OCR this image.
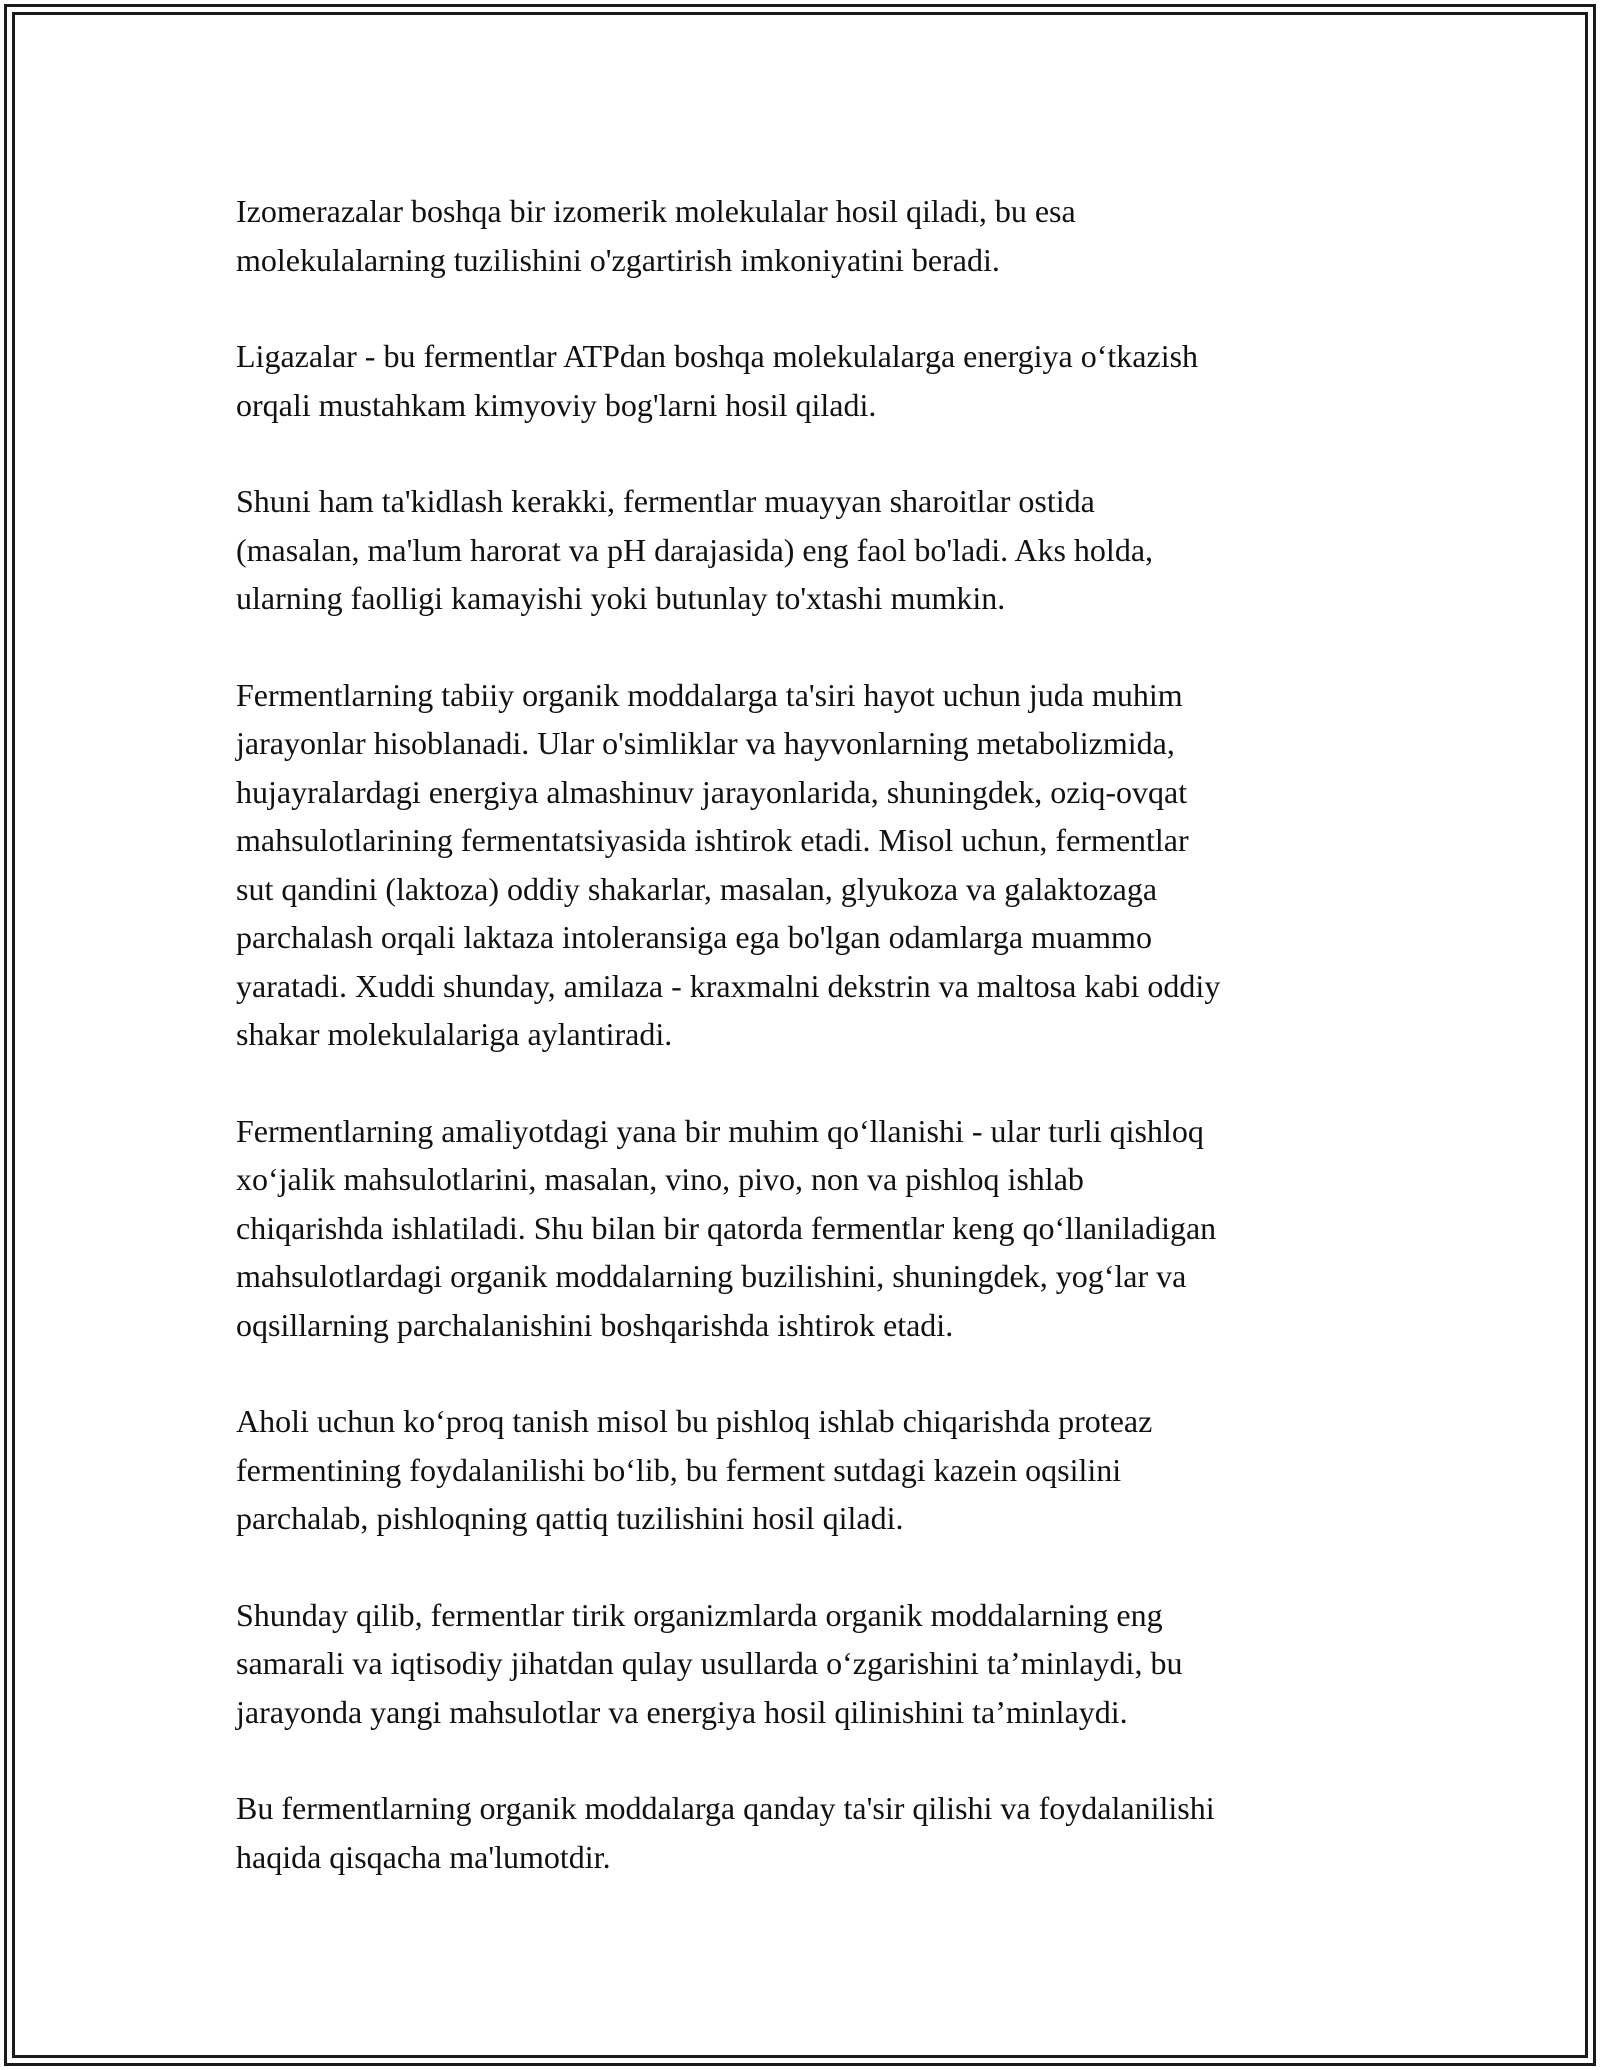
Izomerazalar boshqa bir izomerik molekulalar hosil qiladi, bu esa
molekulalarning tuzilishini o'zgartirish imkoniyatini beradi.

Ligazalar - bu fermentlar ATPdan boshqa molekulalarga energiya o‘tkazish
orqali mustahkam kimyoviy bog'larni hosil qiladi.

Shuni ham ta'kidlash kerakki, fermentlar muayyan sharoitlar ostida
(masalan, ma'lum harorat va pH darajasida) eng faol bo'ladi. Aks holda,
ularning faolligi kamayishi yoki butunlay to'xtashi mumkin.

Fermentlarning tabiiy organik moddalarga ta'siri hayot uchun juda muhim
jarayonlar hisoblanadi. Ular o'simliklar va hayvonlarning metabolizmida,
hujayralardagi energiya almashinuv jarayonlarida, shuningdek, oziq-ovqat
mahsulotlarining fermentatsiyasida ishtirok etadi. Misol uchun, fermentlar
sut qandini (laktoza) oddiy shakarlar, masalan, glyukoza va galaktozaga
parchalash orqali laktaza intoleransiga ega bo'lgan odamlarga muammo
yaratadi. Xuddi shunday, amilaza - kraxmalni dekstrin va maltosa kabi oddiy
shakar molekulalariga aylantiradi.

Fermentlarning amaliyotdagi yana bir muhim qo‘llanishi - ular turli qishloq
xo‘jalik mahsulotlarini, masalan, vino, pivo, non va pishloq ishlab
chiqarishda ishlatiladi. Shu bilan bir qatorda fermentlar keng qo‘llaniladigan
mahsulotlardagi organik moddalarning buzilishini, shuningdek, yog‘lar va
oqsillarning parchalanishini boshqarishda ishtirok etadi.

Aholi uchun ko‘proq tanish misol bu pishloq ishlab chiqarishda proteaz
fermentining foydalanilishi bo‘lib, bu ferment sutdagi kazein oqsilini
parchalab, pishloqning qattiq tuzilishini hosil qiladi.

Shunday qilib, fermentlar tirik organizmlarda organik moddalarning eng
samarali va iqtisodiy jihatdan qulay usullarda o‘zgarishini ta’minlaydi, bu
jarayonda yangi mahsulotlar va energiya hosil qilinishini ta’minlaydi.

Bu fermentlarning organik moddalarga qanday ta'sir qilishi va foydalanilishi
haqida qisqacha ma'lumotdir.
